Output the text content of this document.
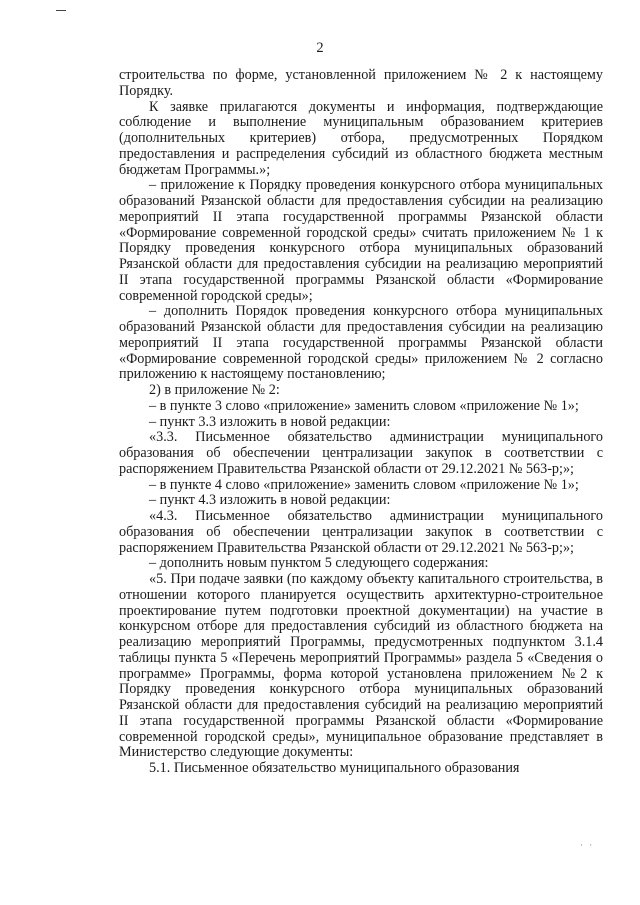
2

строительства по форме, установленной приложением № 2 к настоящему Порядку.

К заявке прилагаются документы и информация, подтверждающие соблюдение и выполнение муниципальным образованием критериев (дополнительных критериев) отбора, предусмотренных Порядком предоставления и распределения субсидий из областного бюджета местным бюджетам Программы.»;

– приложение к Порядку проведения конкурсного отбора муниципальных образований Рязанской области для предоставления субсидии на реализацию мероприятий II этапа государственной программы Рязанской области «Формирование современной городской среды» считать приложением № 1 к Порядку проведения конкурсного отбора муниципальных образований Рязанской области для предоставления субсидии на реализацию мероприятий II этапа государственной программы Рязанской области «Формирование современной городской среды»;

– дополнить Порядок проведения конкурсного отбора муниципальных образований Рязанской области для предоставления субсидии на реализацию мероприятий II этапа государственной программы Рязанской области «Формирование современной городской среды» приложением № 2 согласно приложению к настоящему постановлению;

2) в приложение № 2:

– в пункте 3 слово «приложение» заменить словом «приложение № 1»;

– пункт 3.3 изложить в новой редакции:

«3.3. Письменное обязательство администрации муниципального образования об обеспечении централизации закупок в соответствии с распоряжением Правительства Рязанской области от 29.12.2021 № 563-р;»;

– в пункте 4 слово «приложение» заменить словом «приложение № 1»;

– пункт 4.3 изложить в новой редакции:

«4.3. Письменное обязательство администрации муниципального образования об обеспечении централизации закупок в соответствии с распоряжением Правительства Рязанской области от 29.12.2021 № 563-р;»;

– дополнить новым пунктом 5 следующего содержания:

«5. При подаче заявки (по каждому объекту капитального строительства, в отношении которого планируется осуществить архитектурно-строительное проектирование путем подготовки проектной документации) на участие в конкурсном отборе для предоставления субсидий из областного бюджета на реализацию мероприятий Программы, предусмотренных подпунктом 3.1.4 таблицы пункта 5 «Перечень мероприятий Программы» раздела 5 «Сведения о программе» Программы, форма которой установлена приложением №2 к Порядку проведения конкурсного отбора муниципальных образований Рязанской области для предоставления субсидий на реализацию мероприятий II этапа государственной программы Рязанской области «Формирование современной городской среды», муниципальное образование представляет в Министерство следующие документы:

5.1. Письменное обязательство муниципального образования

· ·
